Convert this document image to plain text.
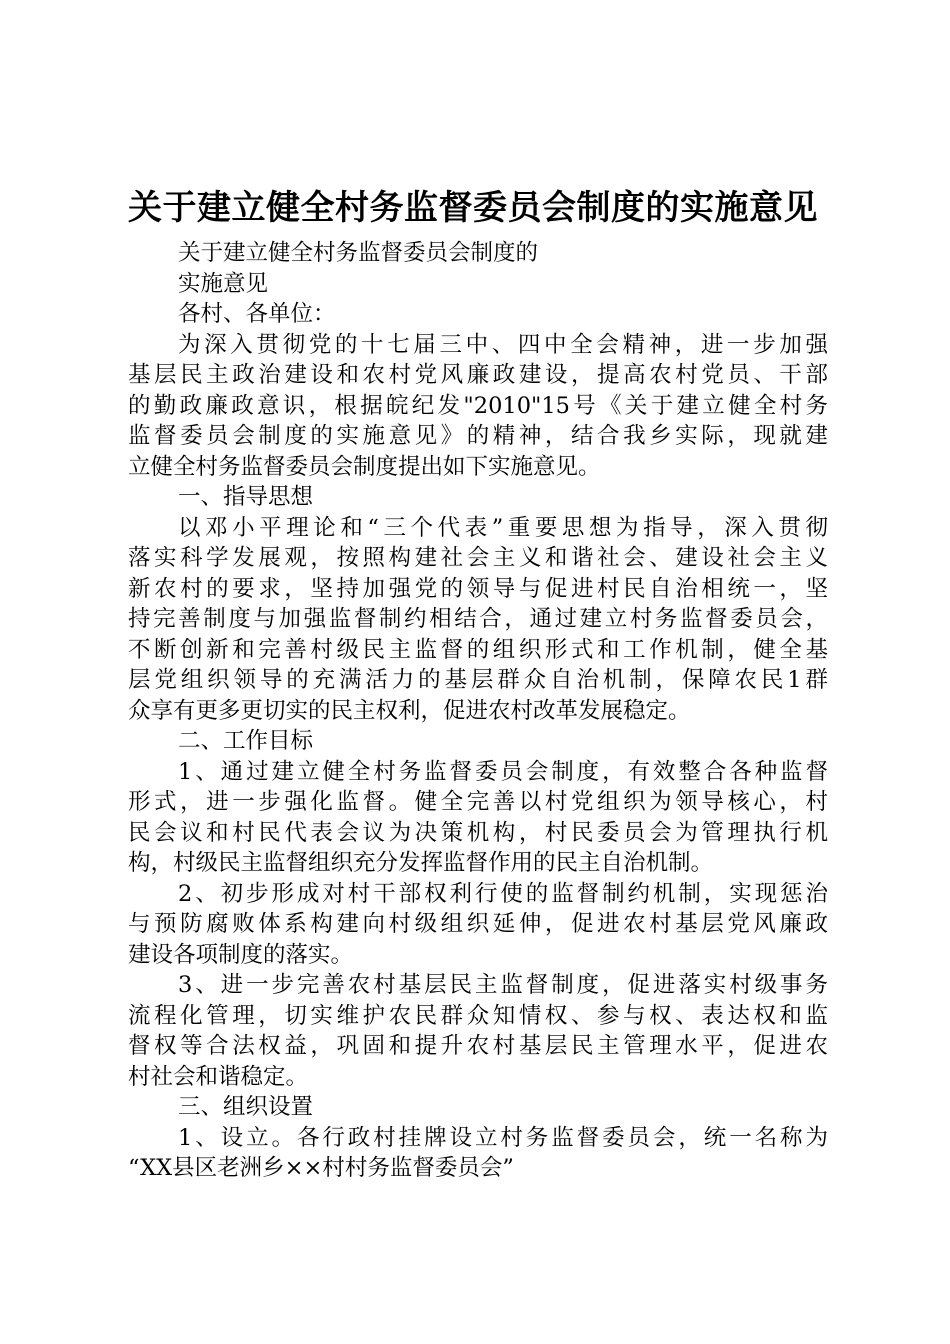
关于建立健全村务监督委员会制度的实施意见
关于建立健全村务监督委员会制度的
实施意见
各村、各单位：
为深入贯彻党的十七届三中、四中全会精神，进一步加强
基层民主政治建设和农村党风廉政建设，提高农村党员、干部
的勤政廉政意识，根据皖纪发"2010"15号《关于建立健全村务
监督委员会制度的实施意见》的精神，结合我乡实际，现就建
立健全村务监督委员会制度提出如下实施意见。
一、指导思想
以邓小平理论和“三个代表”重要思想为指导，深入贯彻
落实科学发展观，按照构建社会主义和谐社会、建设社会主义
新农村的要求，坚持加强党的领导与促进村民自治相统一，坚
持完善制度与加强监督制约相结合，通过建立村务监督委员会，
不断创新和完善村级民主监督的组织形式和工作机制，健全基
层党组织领导的充满活力的基层群众自治机制，保障农民1群
众享有更多更切实的民主权利，促进农村改革发展稳定。
二、工作目标
1、通过建立健全村务监督委员会制度，有效整合各种监督
形式，进一步强化监督。健全完善以村党组织为领导核心，村
民会议和村民代表会议为决策机构，村民委员会为管理执行机
构，村级民主监督组织充分发挥监督作用的民主自治机制。
2、初步形成对村干部权利行使的监督制约机制，实现惩治
与预防腐败体系构建向村级组织延伸，促进农村基层党风廉政
建设各项制度的落实。
3、进一步完善农村基层民主监督制度，促进落实村级事务
流程化管理，切实维护农民群众知情权、参与权、表达权和监
督权等合法权益，巩固和提升农村基层民主管理水平，促进农
村社会和谐稳定。
三、组织设置
1、设立。各行政村挂牌设立村务监督委员会，统一名称为
“XX县区老洲乡××村村务监督委员会”
